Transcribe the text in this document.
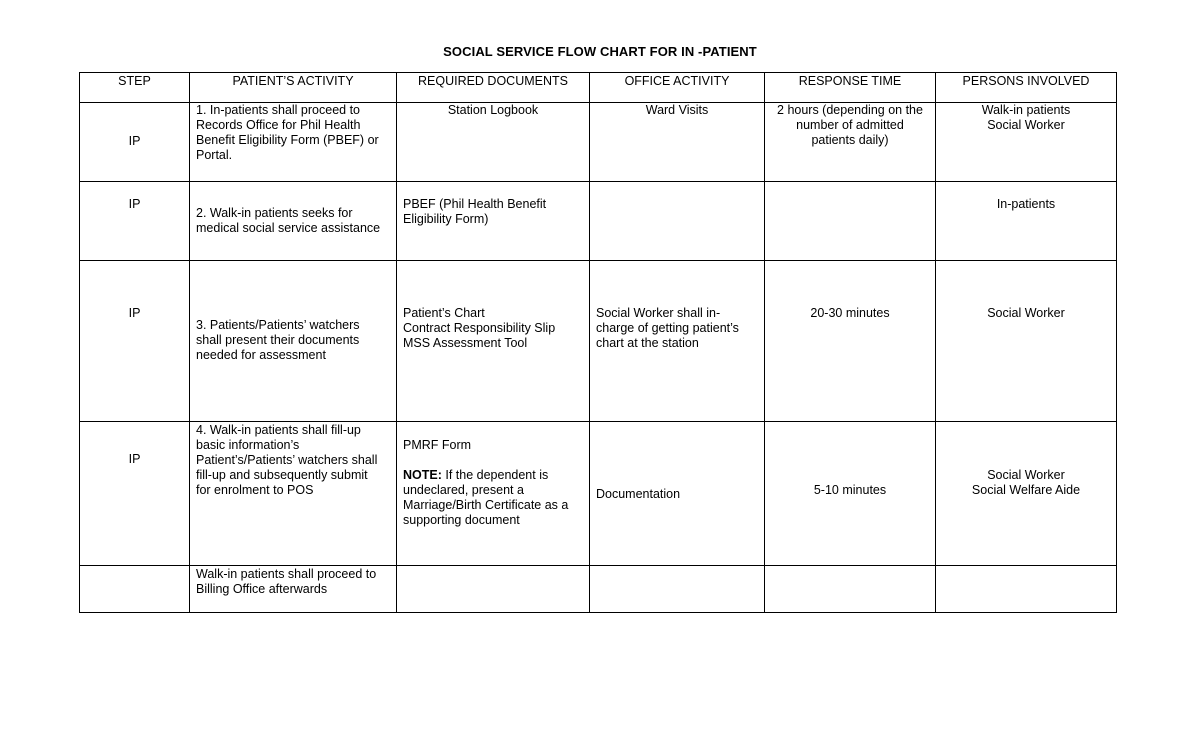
SOCIAL SERVICE FLOW CHART FOR IN -PATIENT
STEP	PATIENT’S ACTIVITY	REQUIRED DOCUMENTS	OFFICE ACTIVITY	RESPONSE TIME	PERSONS INVOLVED

IP	1. In-patients shall proceed to
Records Office for Phil Health
Benefit Eligibility Form (PBEF) or
Portal.	Station Logbook	Ward Visits	2 hours (depending on the
number of admitted
patients daily)	Walk-in patients
Social Worker

IP	2. Walk-in patients seeks for
medical social service assistance	PBEF (Phil Health Benefit
Eligibility Form)			In-patients

IP	3. Patients/Patients’ watchers
shall present their documents
needed for assessment	Patient’s Chart
Contract Responsibility Slip
MSS Assessment Tool	Social Worker shall in-
charge of getting patient’s
chart at the station	20-30 minutes	Social Worker

IP	4. Walk-in patients shall fill-up
basic information’s
Patient’s/Patients’ watchers shall
fill-up and subsequently submit
for enrolment to POS	PMRF Form

NOTE: If the dependent is
undeclared, present a
Marriage/Birth Certificate as a
supporting document	Documentation	5-10 minutes	Social Worker
Social Welfare Aide

	Walk-in patients shall proceed to
Billing Office afterwards				
